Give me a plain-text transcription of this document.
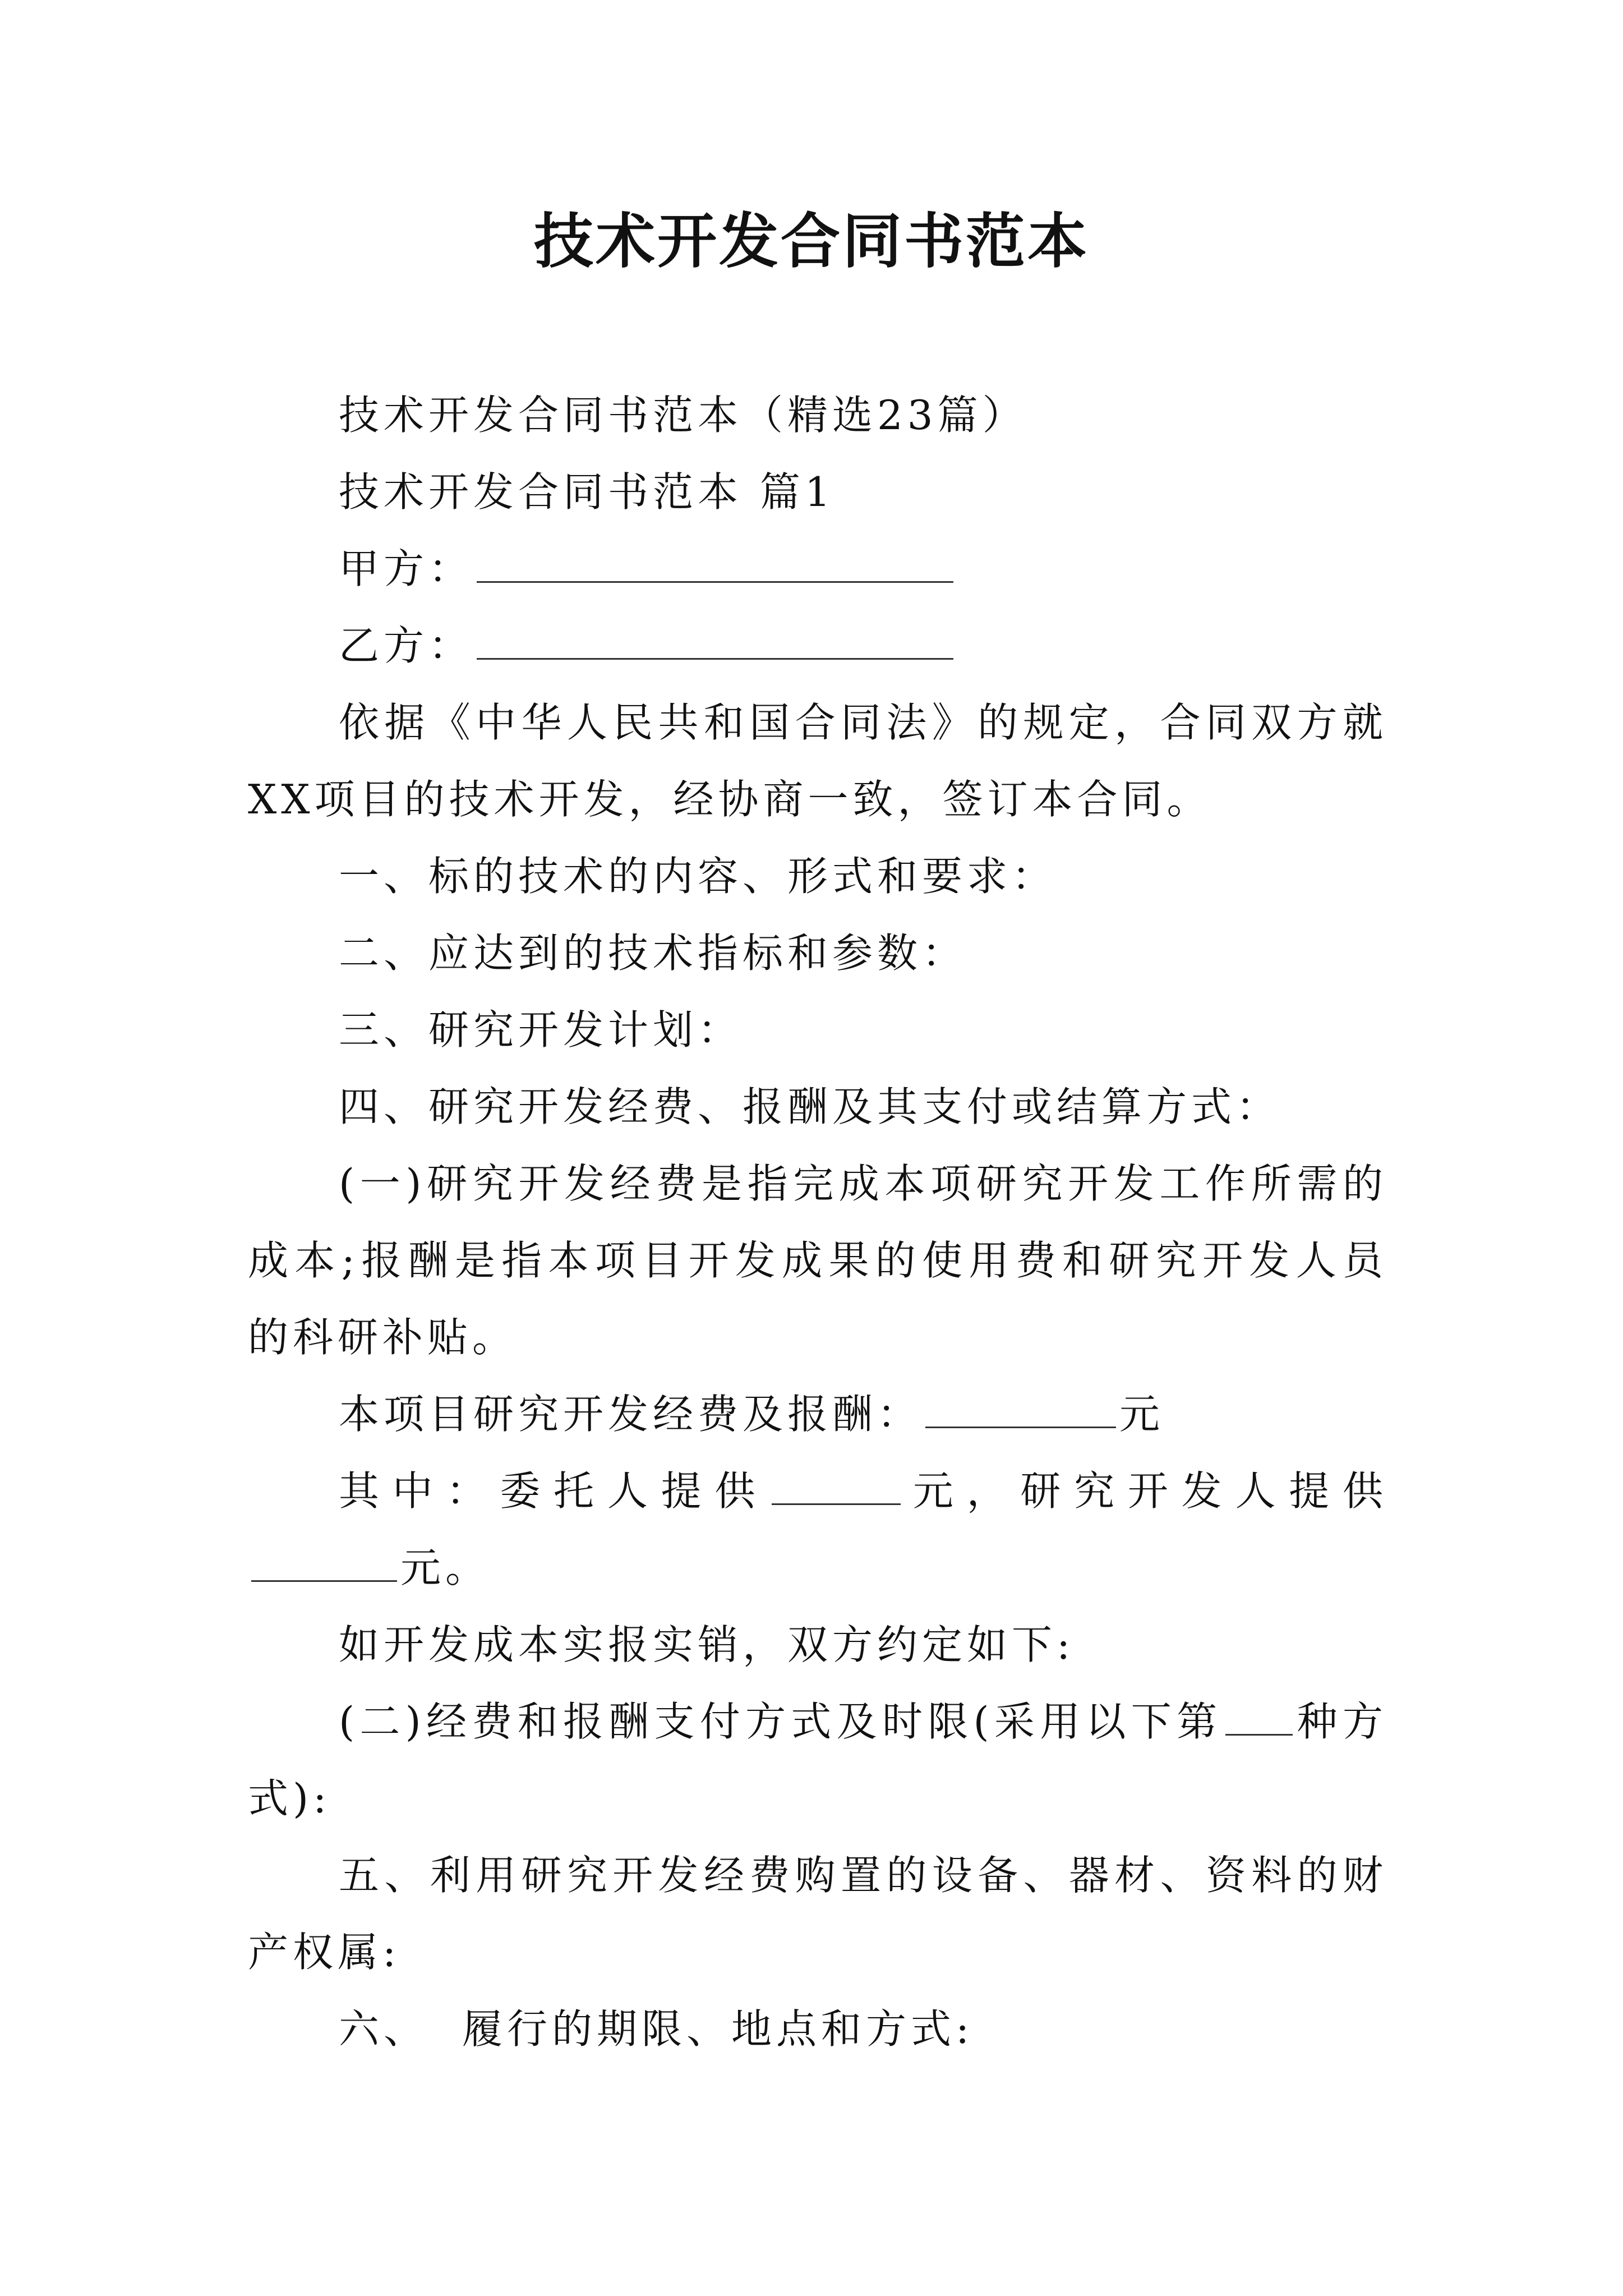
技术开发合同书范本

技术开发合同书范本（精选23篇）

技术开发合同书范本 篇1

甲方：

乙方：

依据《中华人民共和国合同法》的规定，合同双方就XX项目的技术开发，经协商一致，签订本合同。

一、标的技术的内容、形式和要求：

二、应达到的技术指标和参数：

三、研究开发计划：

四、研究开发经费、报酬及其支付或结算方式：

(一)研究开发经费是指完成本项研究开发工作所需的成本;报酬是指本项目开发成果的使用费和研究开发人员的科研补贴。

本项目研究开发经费及报酬：	元

其中：委托人提供	元，研究开发人提供元。

如开发成本实报实销，双方约定如下:

(二)经费和报酬支付方式及时限(采用以下第 种方式):

五、利用研究开发经费购置的设备、器材、资料的财产权属:

六、 履行的期限、地点和方式:
